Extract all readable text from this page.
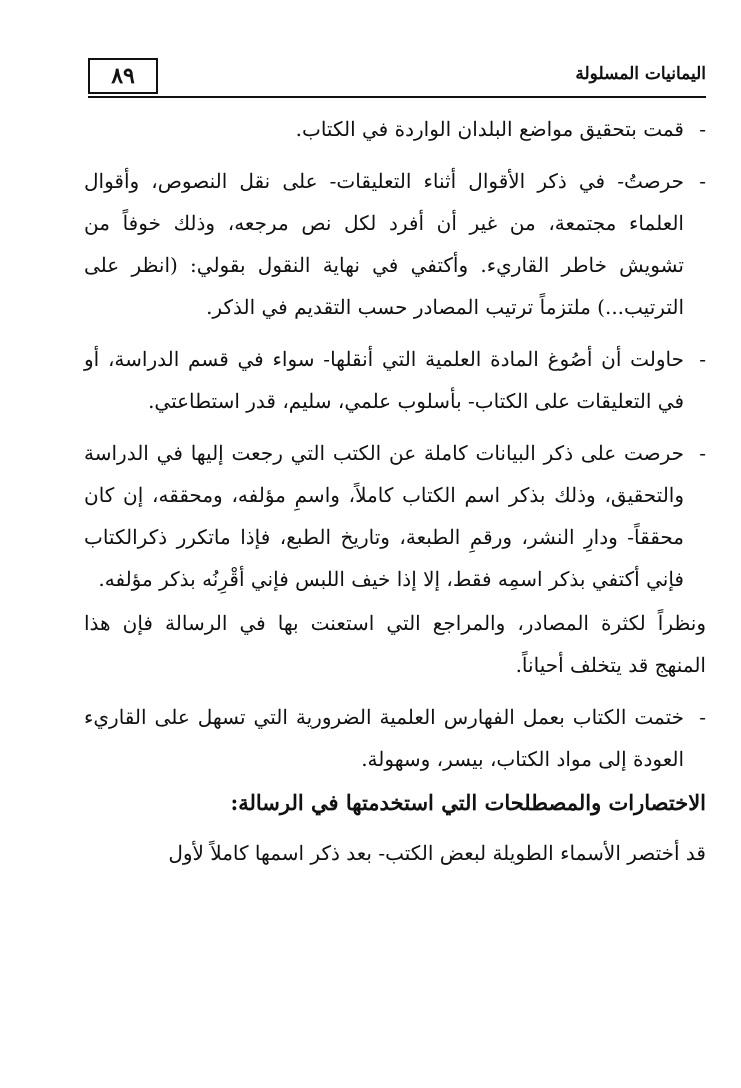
٨٩	اليمانيات المسلولة

-
قمت بتحقيق مواضع البلدان الواردة في الكتاب.

-
حرصتُ- في ذكر الأقوال أثناء التعليقات- على نقل النصوص، وأقوال العلماء مجتمعة، من غير أن أفرد لكل نص مرجعه، وذلك خوفاً من تشويش خاطر القاريء. وأكتفي في نهاية النقول بقولي: (انظر على الترتيب...) ملتزماً ترتيب المصادر حسب التقديم في الذكر.

-
حاولت أن أصُوغ المادة العلمية التي أنقلها- سواء في قسم الدراسة، أو في التعليقات على الكتاب- بأسلوب علمي، سليم، قدر استطاعتي.

-
حرصت على ذكر البيانات كاملة عن الكتب التي رجعت إليها في الدراسة والتحقيق، وذلك بذكر اسم الكتاب كاملاً، واسمِ مؤلفه، ومحققه، إن كان محققاً- ودارِ النشر، ورقمِ الطبعة، وتاريخ الطبع، فإذا ماتكرر ذكرالكتاب فإني أكتفي بذكر اسمِه فقط، إلا إذا خيف اللبس فإني أقْرِنُه بذكر مؤلفه.

ونظراً لكثرة المصادر، والمراجع التي استعنت بها في الرسالة فإن هذا المنهج قد يتخلف أحياناً.

-
ختمت الكتاب بعمل الفهارس العلمية الضرورية التي تسهل على القاريء العودة إلى مواد الكتاب، بيسر، وسهولة.

الاختصارات والمصطلحات التي استخدمتها في الرسالة:

قد أختصر الأسماء الطويلة لبعض الكتب- بعد ذكر اسمها كاملاً لأول
